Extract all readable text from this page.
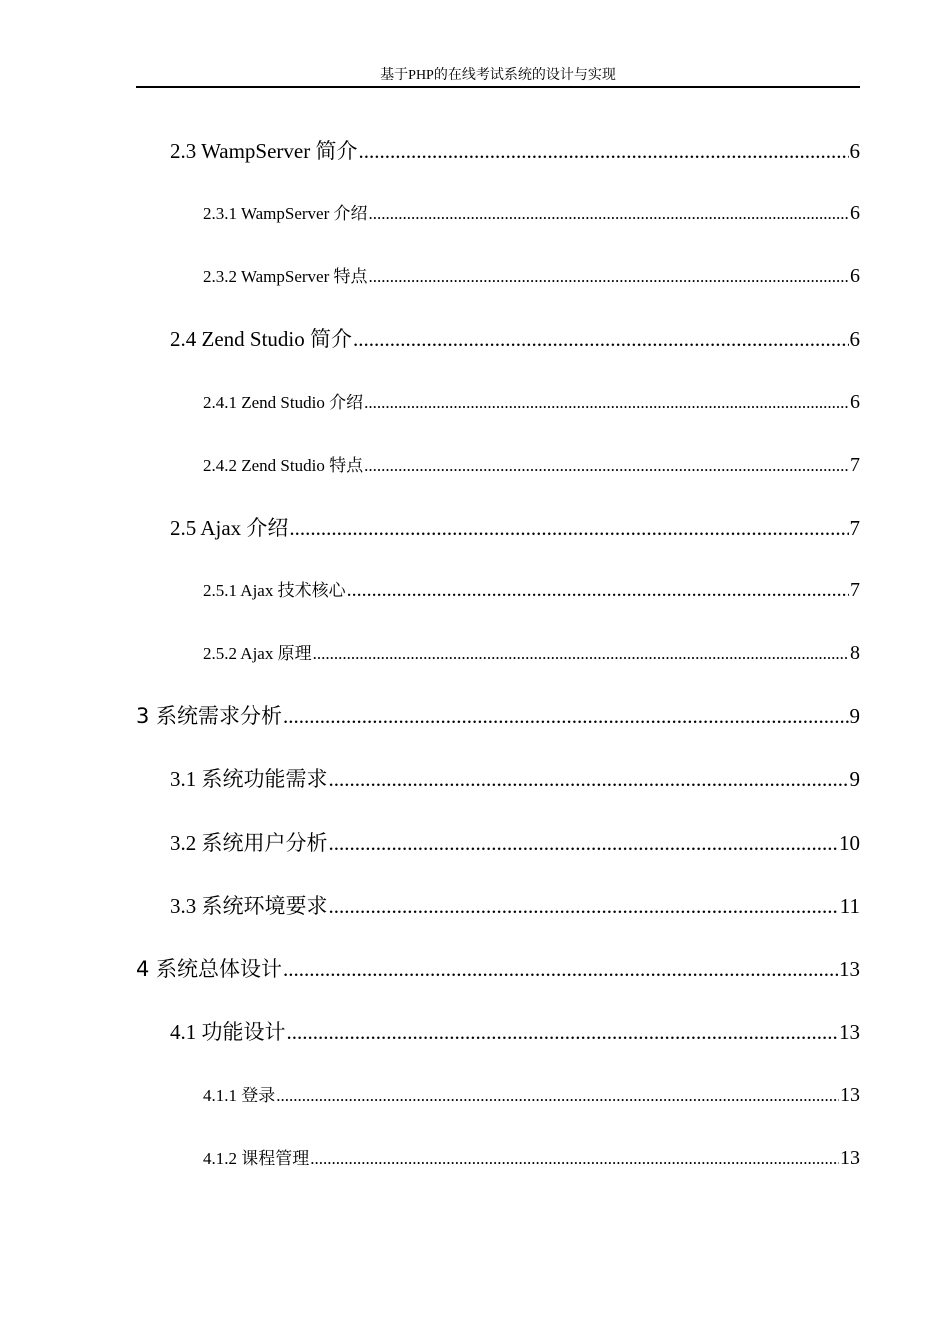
基于PHP的在线考试系统的设计与实现
2.3 WampServer 简介 .....	6
2.3.1 WampServer 介绍 .....	6
2.3.2 WampServer 特点 .....	6
2.4 Zend Studio 简介 .....	6
2.4.1 Zend Studio 介绍 .....	6
2.4.2 Zend Studio 特点 .....	7
2.5 Ajax 介绍 .....	7
2.5.1 Ajax 技术核心 .....	7
2.5.2 Ajax 原理 .....	8
3 系统需求分析 .....	9
3.1 系统功能需求 .....	9
3.2 系统用户分析 .....	10
3.3 系统环境要求 .....	11
4 系统总体设计 .....	13
4.1 功能设计 .....	13
4.1.1 登录 .....	13
4.1.2 课程管理 .....	13
